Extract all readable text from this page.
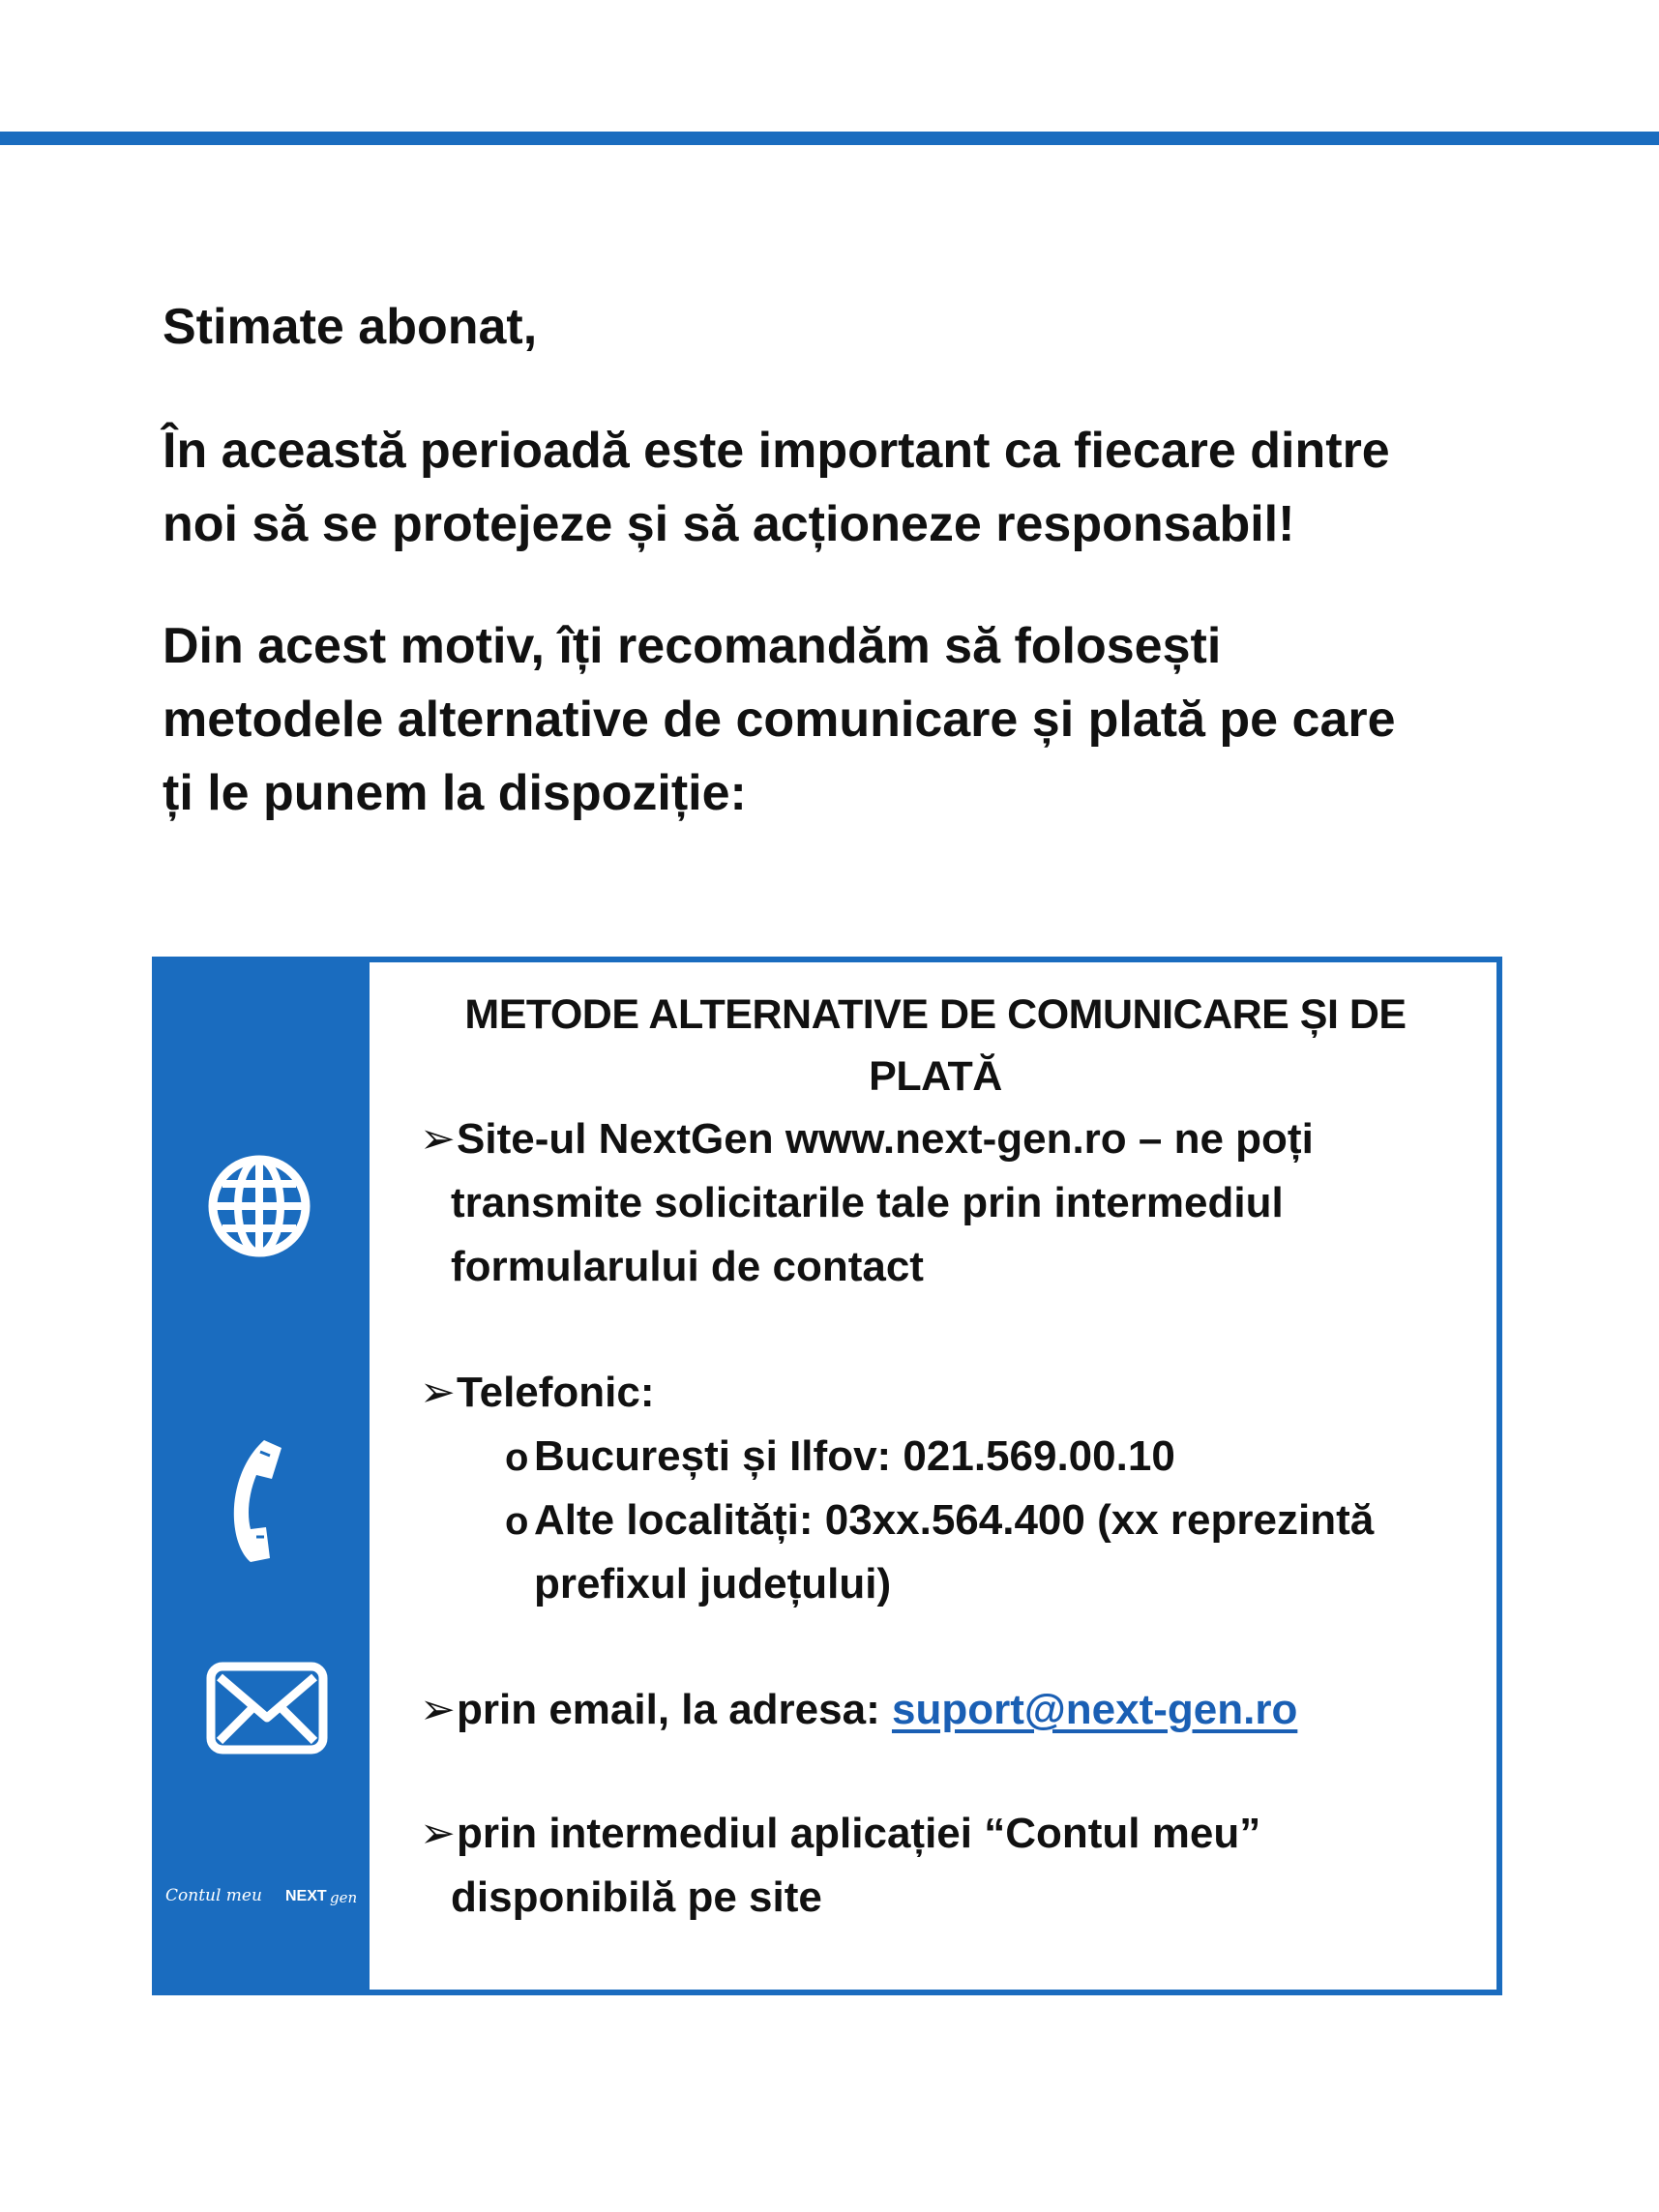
Stimate abonat,

În această perioadă este important ca fiecare dintre
noi să se protejeze și să acționeze responsabil!
Din acest motiv, îți recomandăm să folosești
metodele alternative de comunicare și plată pe care
ți le punem la dispoziție:
Contul meu NEXT gen
METODE ALTERNATIVE DE COMUNICARE ȘI DE
PLATĂ
➢Site-ul NextGen www.next-gen.ro – ne poți
transmite solicitarile tale prin intermediul
formularului de contact
➢Telefonic:
o București și Ilfov: 021.569.00.10
o Alte localități: 03xx.564.400 (xx reprezintă
prefixul județului)
➢prin email, la adresa: suport@next-gen.ro
➢prin intermediul aplicației “Contul meu”
disponibilă pe site
